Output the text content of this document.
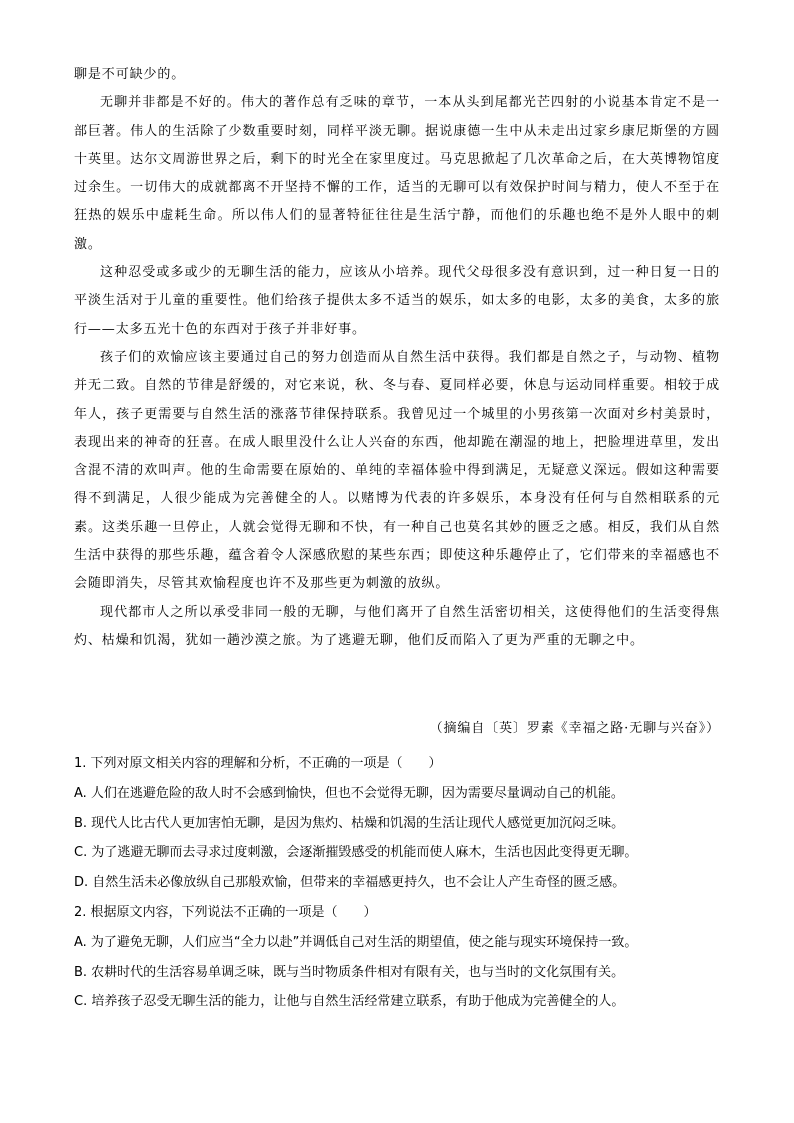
聊是不可缺少的。

无聊并非都是不好的。伟大的著作总有乏味的章节，一本从头到尾都光芒四射的小说基本肯定不是一部巨著。伟人的生活除了少数重要时刻，同样平淡无聊。据说康德一生中从未走出过家乡康尼斯堡的方圆十英里。达尔文周游世界之后，剩下的时光全在家里度过。马克思掀起了几次革命之后，在大英博物馆度过余生。一切伟大的成就都离不开坚持不懈的工作，适当的无聊可以有效保护时间与精力，使人不至于在狂热的娱乐中虚耗生命。所以伟人们的显著特征往往是生活宁静，而他们的乐趣也绝不是外人眼中的刺激。

这种忍受或多或少的无聊生活的能力，应该从小培养。现代父母很多没有意识到，过一种日复一日的平淡生活对于儿童的重要性。他们给孩子提供太多不适当的娱乐，如太多的电影，太多的美食，太多的旅行——太多五光十色的东西对于孩子并非好事。

孩子们的欢愉应该主要通过自己的努力创造而从自然生活中获得。我们都是自然之子，与动物、植物并无二致。自然的节律是舒缓的，对它来说，秋、冬与春、夏同样必要，休息与运动同样重要。相较于成年人，孩子更需要与自然生活的涨落节律保持联系。我曾见过一个城里的小男孩第一次面对乡村美景时，表现出来的神奇的狂喜。在成人眼里没什么让人兴奋的东西，他却跪在潮湿的地上，把脸埋进草里，发出含混不清的欢叫声。他的生命需要在原始的、单纯的幸福体验中得到满足，无疑意义深远。假如这种需要得不到满足，人很少能成为完善健全的人。以赌博为代表的许多娱乐，本身没有任何与自然相联系的元素。这类乐趣一旦停止，人就会觉得无聊和不快，有一种自己也莫名其妙的匮乏之感。相反，我们从自然生活中获得的那些乐趣，蕴含着令人深感欣慰的某些东西；即使这种乐趣停止了，它们带来的幸福感也不会随即消失，尽管其欢愉程度也许不及那些更为刺激的放纵。

现代都市人之所以承受非同一般的无聊，与他们离开了自然生活密切相关，这使得他们的生活变得焦灼、枯燥和饥渴，犹如一趟沙漠之旅。为了逃避无聊，他们反而陷入了更为严重的无聊之中。

（摘编自〔英〕罗素《幸福之路·无聊与兴奋》）
1. 下列对原文相关内容的理解和分析，不正确的一项是（　　）
A. 人们在逃避危险的敌人时不会感到愉快，但也不会觉得无聊，因为需要尽量调动自己的机能。
B. 现代人比古代人更加害怕无聊，是因为焦灼、枯燥和饥渴的生活让现代人感觉更加沉闷乏味。
C. 为了逃避无聊而去寻求过度刺激，会逐渐摧毁感受的机能而使人麻木，生活也因此变得更无聊。
D. 自然生活未必像放纵自己那般欢愉，但带来的幸福感更持久，也不会让人产生奇怪的匮乏感。
2. 根据原文内容，下列说法不正确的一项是（　　）
A. 为了避免无聊，人们应当“全力以赴”并调低自己对生活的期望值，使之能与现实环境保持一致。
B. 农耕时代的生活容易单调乏味，既与当时物质条件相对有限有关，也与当时的文化氛围有关。
C. 培养孩子忍受无聊生活的能力，让他与自然生活经常建立联系，有助于他成为完善健全的人。
